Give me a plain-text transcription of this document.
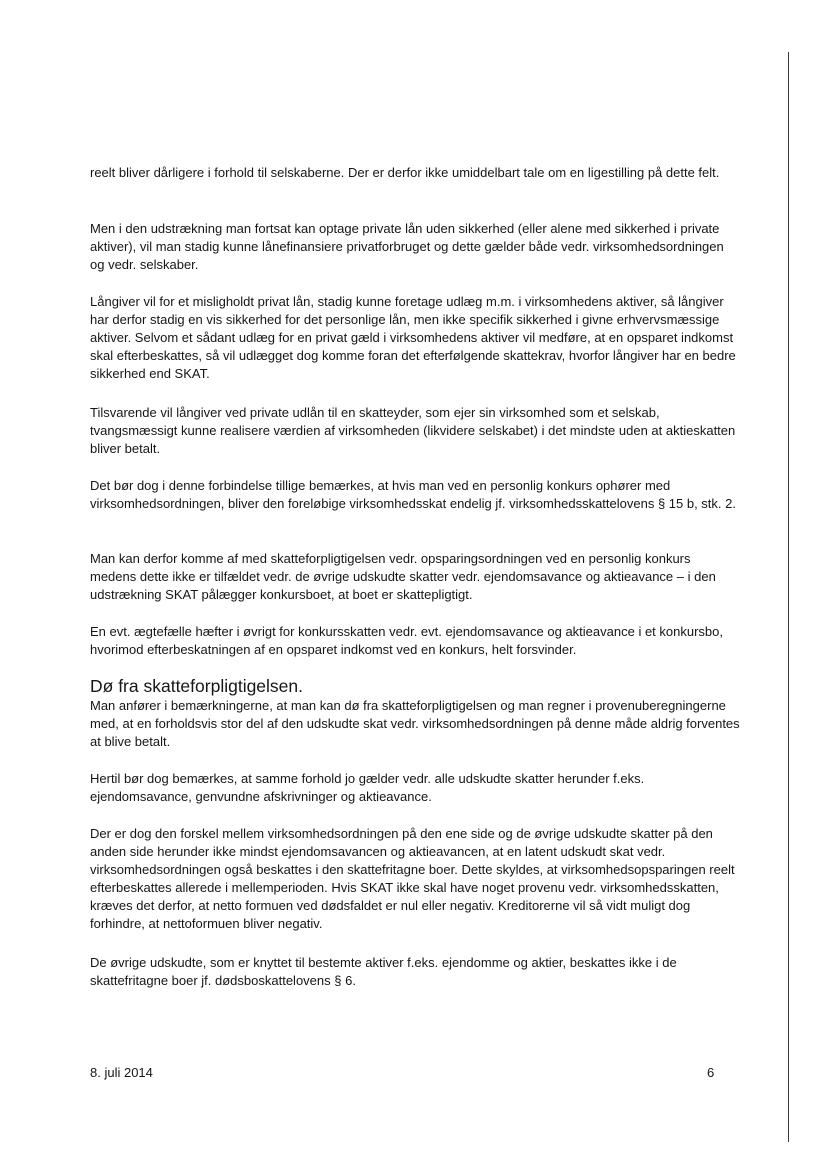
reelt bliver dårligere i forhold til selskaberne. Der er derfor ikke umiddelbart tale om en ligestilling på dette felt.

Men i den udstrækning man fortsat kan optage private lån uden sikkerhed (eller alene med sikkerhed i private aktiver), vil man stadig kunne lånefinansiere privatforbruget og dette gælder både vedr. virksomhedsordningen og vedr. selskaber.

Långiver vil for et misligholdt privat lån, stadig kunne foretage udlæg m.m. i virksomhedens aktiver, så långiver har derfor stadig en vis sikkerhed for det personlige lån, men ikke specifik sikkerhed i givne erhvervsmæssige aktiver. Selvom et sådant udlæg for en privat gæld i virksomhedens aktiver vil medføre, at en opsparet indkomst skal efterbeskattes, så vil udlægget dog komme foran det efterfølgende skattekrav, hvorfor långiver har en bedre sikkerhed end SKAT.

Tilsvarende vil långiver ved private udlån til en skatteyder, som ejer sin virksomhed som et selskab, tvangsmæssigt kunne realisere værdien af virksomheden (likvidere selskabet) i det mindste uden at aktieskatten bliver betalt.

Det bør dog i denne forbindelse tillige bemærkes, at hvis man ved en personlig konkurs ophører med virksomhedsordningen, bliver den foreløbige virksomhedsskat endelig jf. virksomhedsskattelovens § 15 b, stk. 2.

Man kan derfor komme af med skatteforpligtigelsen vedr. opsparingsordningen ved en personlig konkurs medens dette ikke er tilfældet vedr. de øvrige udskudte skatter vedr. ejendomsavance og aktieavance – i den udstrækning SKAT pålægger konkursboet, at boet er skattepligtigt.

En evt. ægtefælle hæfter i øvrigt for konkursskatten vedr. evt. ejendomsavance og aktieavance i et konkursbo, hvorimod efterbeskatningen af en opsparet indkomst ved en konkurs, helt forsvinder.

Dø fra skatteforpligtigelsen.

Man anfører i bemærkningerne, at man kan dø fra skatteforpligtigelsen og man regner i provenuberegningerne med, at en forholdsvis stor del af den udskudte skat vedr. virksomhedsordningen på denne måde aldrig forventes at blive betalt.

Hertil bør dog bemærkes, at samme forhold jo gælder vedr. alle udskudte skatter herunder f.eks. ejendomsavance, genvundne afskrivninger og aktieavance.

Der er dog den forskel mellem virksomhedsordningen på den ene side og de øvrige udskudte skatter på den anden side herunder ikke mindst ejendomsavancen og aktieavancen, at en latent udskudt skat vedr. virksomhedsordningen også beskattes i den skattefritagne boer. Dette skyldes, at virksomhedsopsparingen reelt efterbeskattes allerede i mellemperioden. Hvis SKAT ikke skal have noget provenu vedr. virksomhedsskatten, kræves det derfor, at netto formuen ved dødsfaldet er nul eller negativ. Kreditorerne vil så vidt muligt dog forhindre, at nettoformuen bliver negativ.

De øvrige udskudte, som er knyttet til bestemte aktiver f.eks. ejendomme og aktier, beskattes ikke i de skattefritagne boer jf. dødsboskattelovens § 6.

8. juli 2014	6
